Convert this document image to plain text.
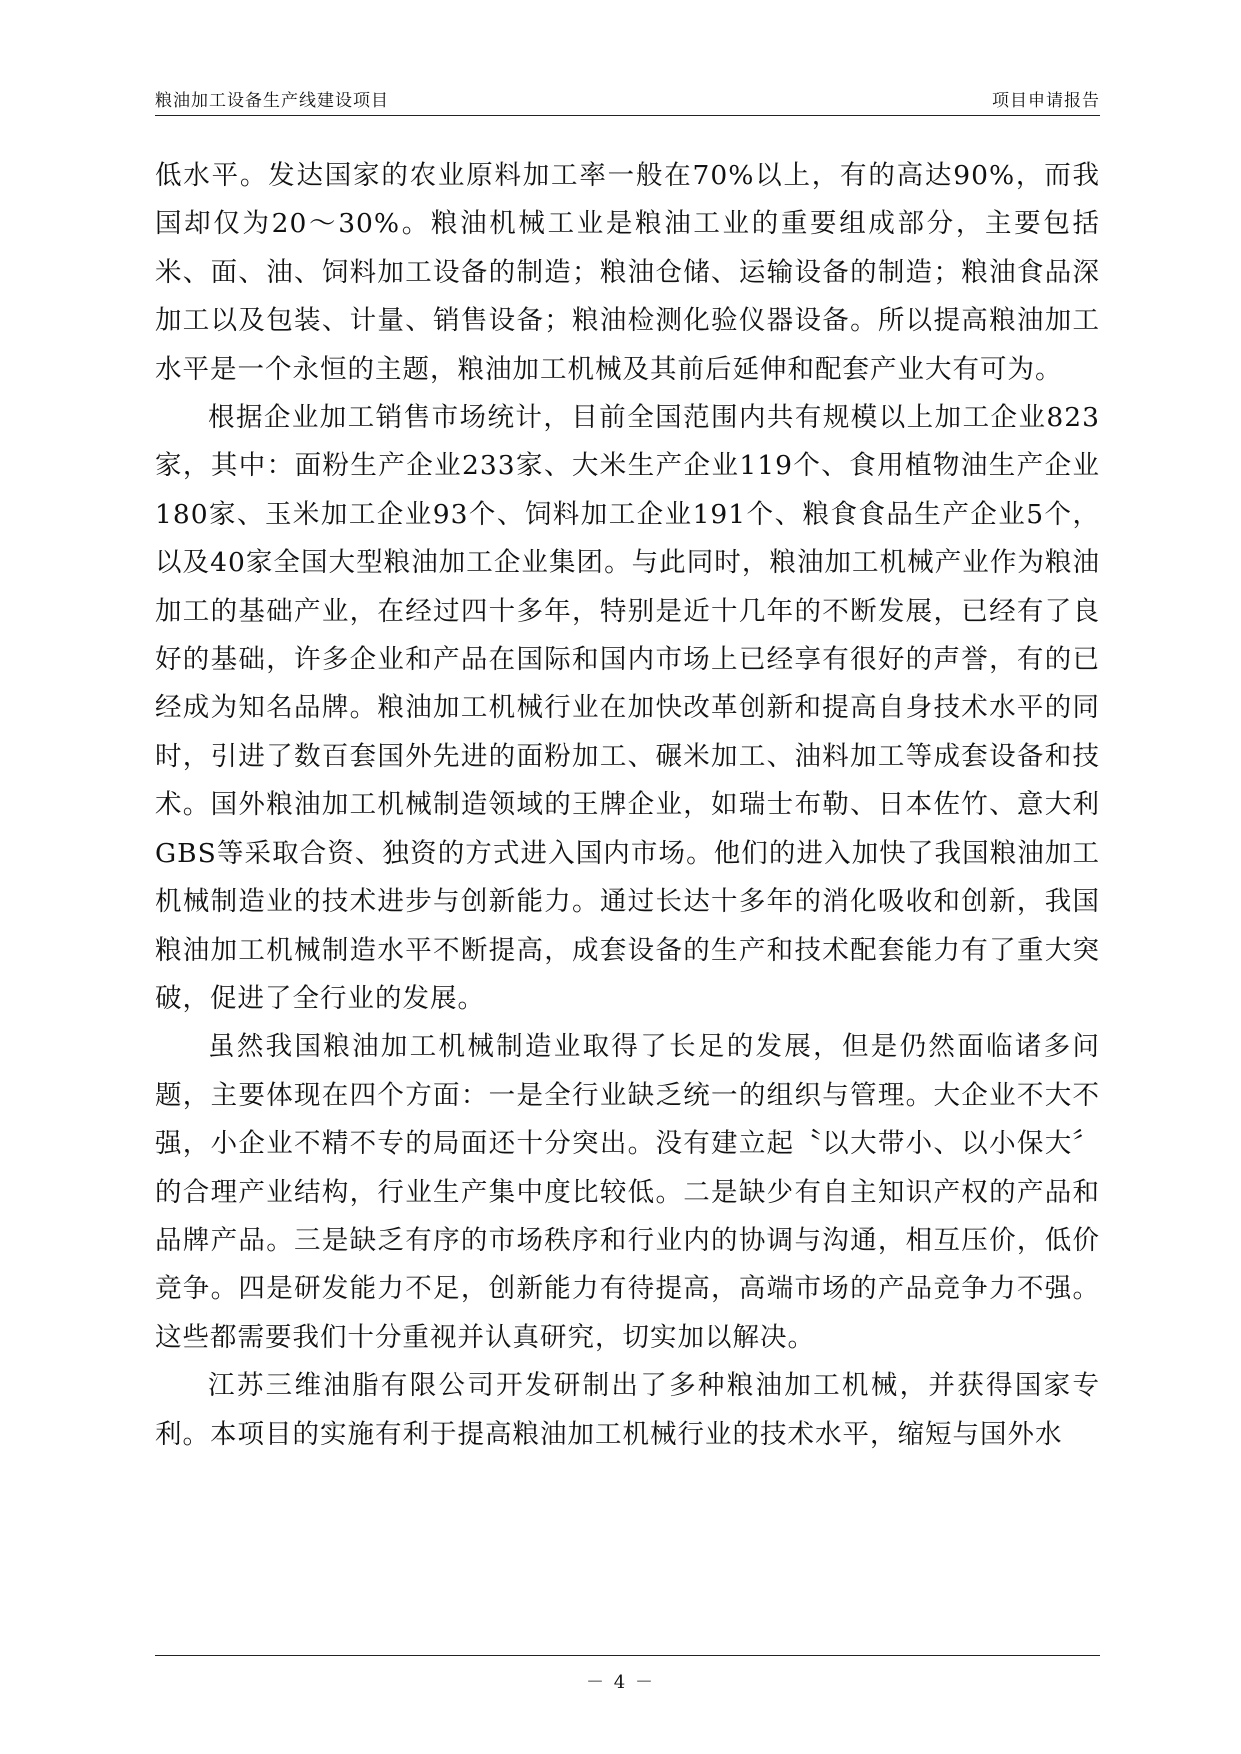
粮油加工设备生产线建设项目	项目申请报告

低水平。发达国家的农业原料加工率一般在70%以上，有的高达90%，而我国却仅为20～30%。粮油机械工业是粮油工业的重要组成部分，主要包括米、面、油、饲料加工设备的制造；粮油仓储、运输设备的制造；粮油食品深加工以及包装、计量、销售设备；粮油检测化验仪器设备。所以提高粮油加工水平是一个永恒的主题，粮油加工机械及其前后延伸和配套产业大有可为。

根据企业加工销售市场统计，目前全国范围内共有规模以上加工企业823家，其中：面粉生产企业233家、大米生产企业119个、食用植物油生产企业180家、玉米加工企业93个、饲料加工企业191个、粮食食品生产企业5个，以及40家全国大型粮油加工企业集团。与此同时，粮油加工机械产业作为粮油加工的基础产业，在经过四十多年，特别是近十几年的不断发展，已经有了良好的基础，许多企业和产品在国际和国内市场上已经享有很好的声誉，有的已经成为知名品牌。粮油加工机械行业在加快改革创新和提高自身技术水平的同时，引进了数百套国外先进的面粉加工、碾米加工、油料加工等成套设备和技术。国外粮油加工机械制造领域的王牌企业，如瑞士布勒、日本佐竹、意大利GBS等采取合资、独资的方式进入国内市场。他们的进入加快了我国粮油加工机械制造业的技术进步与创新能力。通过长达十多年的消化吸收和创新，我国粮油加工机械制造水平不断提高，成套设备的生产和技术配套能力有了重大突破，促进了全行业的发展。

虽然我国粮油加工机械制造业取得了长足的发展，但是仍然面临诸多问题，主要体现在四个方面：一是全行业缺乏统一的组织与管理。大企业不大不强，小企业不精不专的局面还十分突出。没有建立起〝以大带小、以小保大〞的合理产业结构，行业生产集中度比较低。二是缺少有自主知识产权的产品和品牌产品。三是缺乏有序的市场秩序和行业内的协调与沟通，相互压价，低价竞争。四是研发能力不足，创新能力有待提高，高端市场的产品竞争力不强。这些都需要我们十分重视并认真研究，切实加以解决。

江苏三维油脂有限公司开发研制出了多种粮油加工机械，并获得国家专利。本项目的实施有利于提高粮油加工机械行业的技术水平，缩短与国外水

－ 4 －
